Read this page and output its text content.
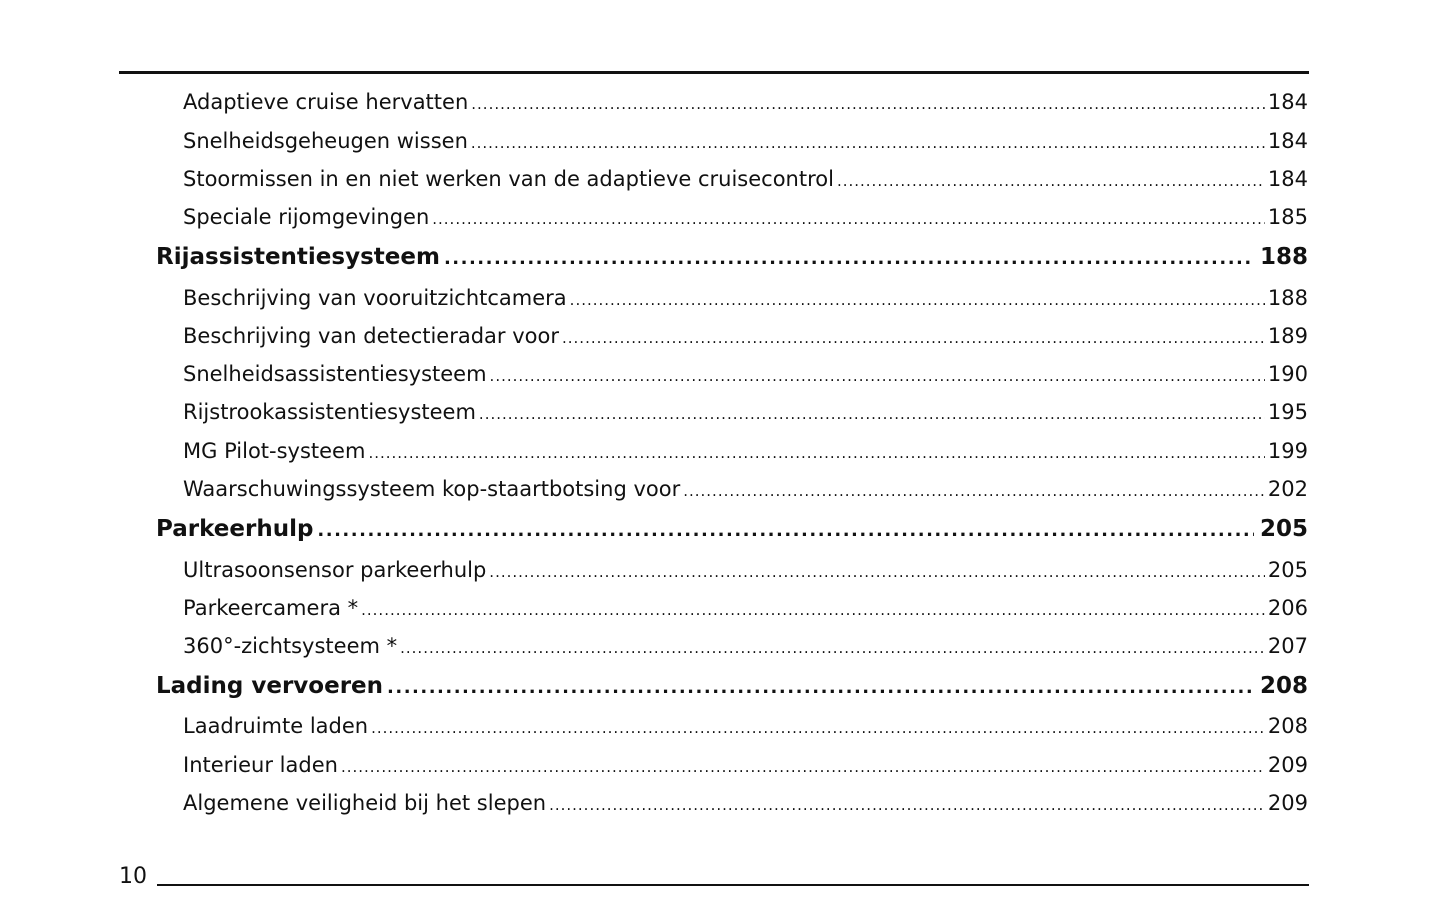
Adaptieve cruise hervatten .....	184
Snelheidsgeheugen wissen .....	184
Stoormissen in en niet werken van de adaptieve cruisecontrol .....	184
Speciale rijomgevingen .....	185
Rijassistentiesysteem .....	188
Beschrijving van vooruitzichtcamera .....	188
Beschrijving van detectieradar voor .....	189
Snelheidsassistentiesysteem .....	190
Rijstrookassistentiesysteem .....	195
MG Pilot-systeem .....	199
Waarschuwingssysteem kop-staartbotsing voor .....	202
Parkeerhulp .....	205
Ultrasoonsensor parkeerhulp .....	205
Parkeercamera * .....	206
360°-zichtsysteem * .....	207
Lading vervoeren .....	208
Laadruimte laden .....	208
Interieur laden .....	209
Algemene veiligheid bij het slepen .....	209
10
